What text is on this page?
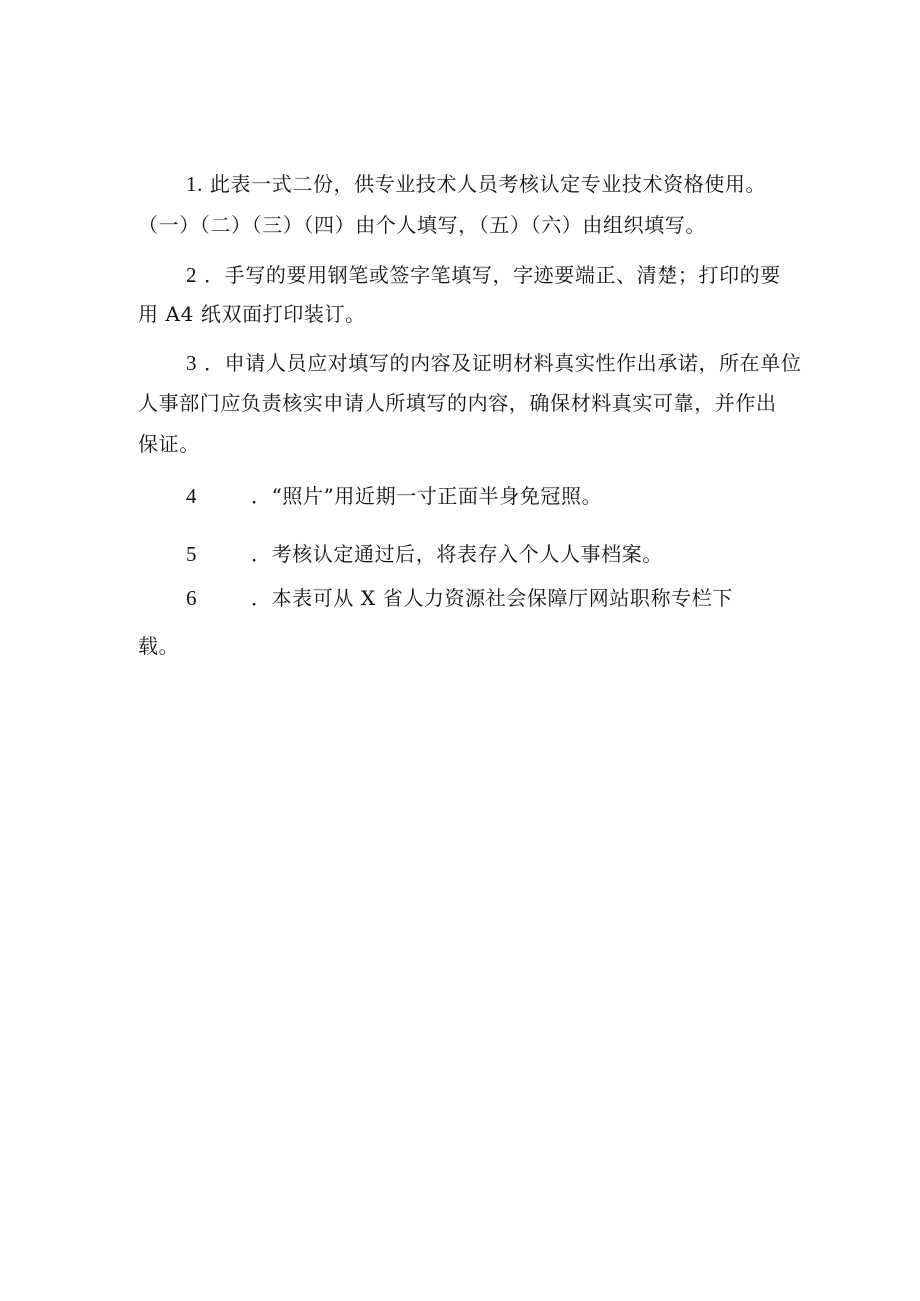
1. 此表一式二份，供专业技术人员考核认定专业技术资格使用。
（一）（二）（三）（四）由个人填写，（五）（六）由组织填写。
2 ．手写的要用钢笔或签字笔填写，字迹要端正、清楚；打印的要
用 A4 纸双面打印装订。
3 ．申请人员应对填写的内容及证明材料真实性作出承诺，所在单位
人事部门应负责核实申请人所填写的内容，确保材料真实可靠，并作出
保证。
4	．“照片”用近期一寸正面半身免冠照。
5	．考核认定通过后，将表存入个人人事档案。
6	．本表可从 X 省人力资源社会保障厅网站职称专栏下
载。
